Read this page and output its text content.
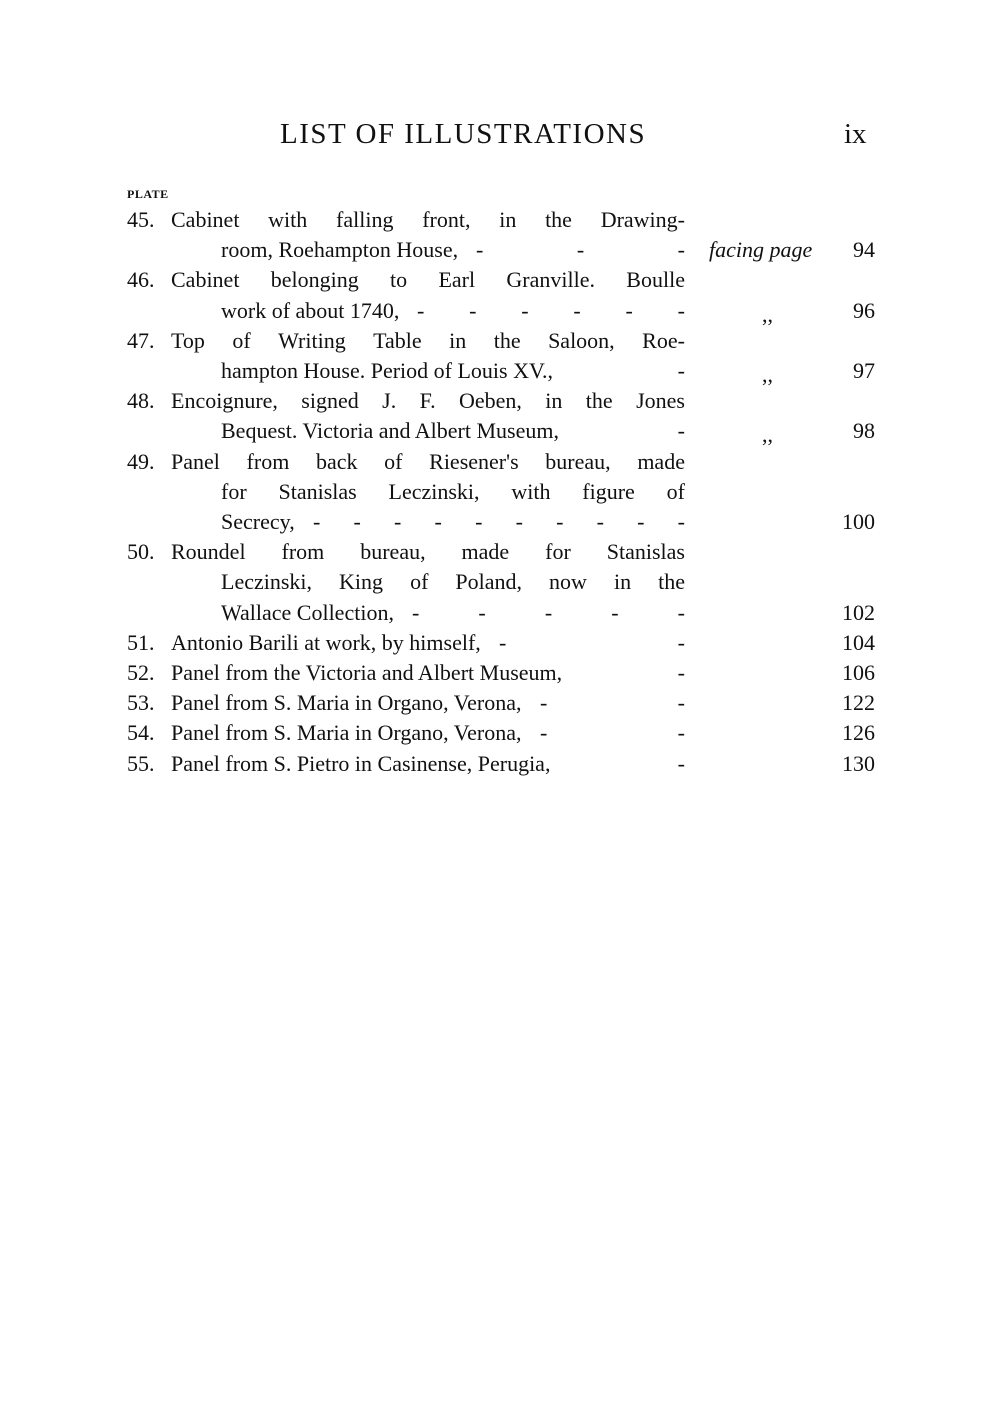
LIST OF ILLUSTRATIONS	ix
PLATE
45. Cabinet with falling front, in the Drawing-
room, Roehampton House, -	-	- facing page 94
46. Cabinet belonging to Earl Granville. Boulle
work of about 1740, - - - - - -	,,	96
47. Top of Writing Table in the Saloon, Roe-
hampton House. Period of Louis XV.,	-	,,	97
48. Encoignure, signed J. F. Oeben, in the Jones
Bequest. Victoria and Albert Museum,	-	,,	98
49. Panel from back of Riesener's bureau, made
for Stanislas Leczinski, with figure of
Secrecy, - - - - - - - - - -	100
50. Roundel from bureau, made for Stanislas
Leczinski, King of Poland, now in the
Wallace Collection, -	-	-	-	-	102
51. Antonio Barili at work, by himself, -	-	104
52. Panel from the Victoria and Albert Museum,	-	106
53. Panel from S. Maria in Organo, Verona, -	-	122
54. Panel from S. Maria in Organo, Verona, -	-	126
55. Panel from S. Pietro in Casinense, Perugia,	-	130
